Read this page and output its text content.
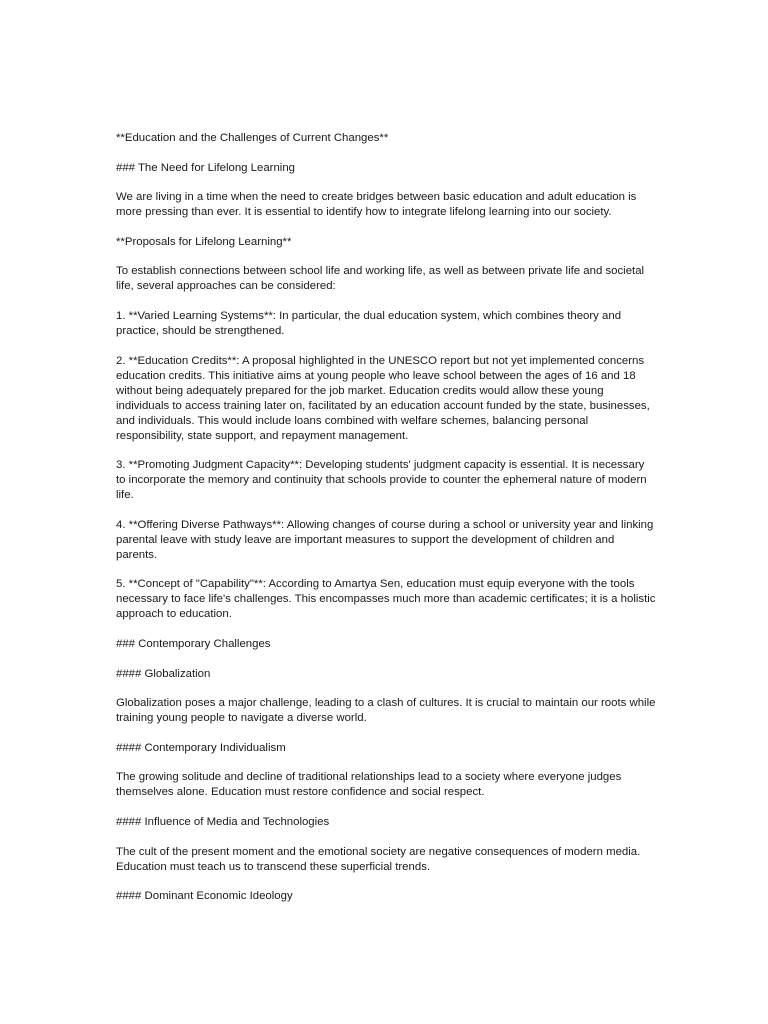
**Education and the Challenges of Current Changes**

### The Need for Lifelong Learning

We are living in a time when the need to create bridges between basic education and adult education is more pressing than ever. It is essential to identify how to integrate lifelong learning into our society.

**Proposals for Lifelong Learning**

To establish connections between school life and working life, as well as between private life and societal life, several approaches can be considered:

1. **Varied Learning Systems**: In particular, the dual education system, which combines theory and practice, should be strengthened.

2. **Education Credits**: A proposal highlighted in the UNESCO report but not yet implemented concerns education credits. This initiative aims at young people who leave school between the ages of 16 and 18 without being adequately prepared for the job market. Education credits would allow these young individuals to access training later on, facilitated by an education account funded by the state, businesses, and individuals. This would include loans combined with welfare schemes, balancing personal responsibility, state support, and repayment management.

3. **Promoting Judgment Capacity**: Developing students' judgment capacity is essential. It is necessary to incorporate the memory and continuity that schools provide to counter the ephemeral nature of modern life.

4. **Offering Diverse Pathways**: Allowing changes of course during a school or university year and linking parental leave with study leave are important measures to support the development of children and parents.

5. **Concept of "Capability"**: According to Amartya Sen, education must equip everyone with the tools necessary to face life's challenges. This encompasses much more than academic certificates; it is a holistic approach to education.

### Contemporary Challenges

#### Globalization

Globalization poses a major challenge, leading to a clash of cultures. It is crucial to maintain our roots while training young people to navigate a diverse world.

#### Contemporary Individualism

The growing solitude and decline of traditional relationships lead to a society where everyone judges themselves alone. Education must restore confidence and social respect.

#### Influence of Media and Technologies

The cult of the present moment and the emotional society are negative consequences of modern media. Education must teach us to transcend these superficial trends.

#### Dominant Economic Ideology
